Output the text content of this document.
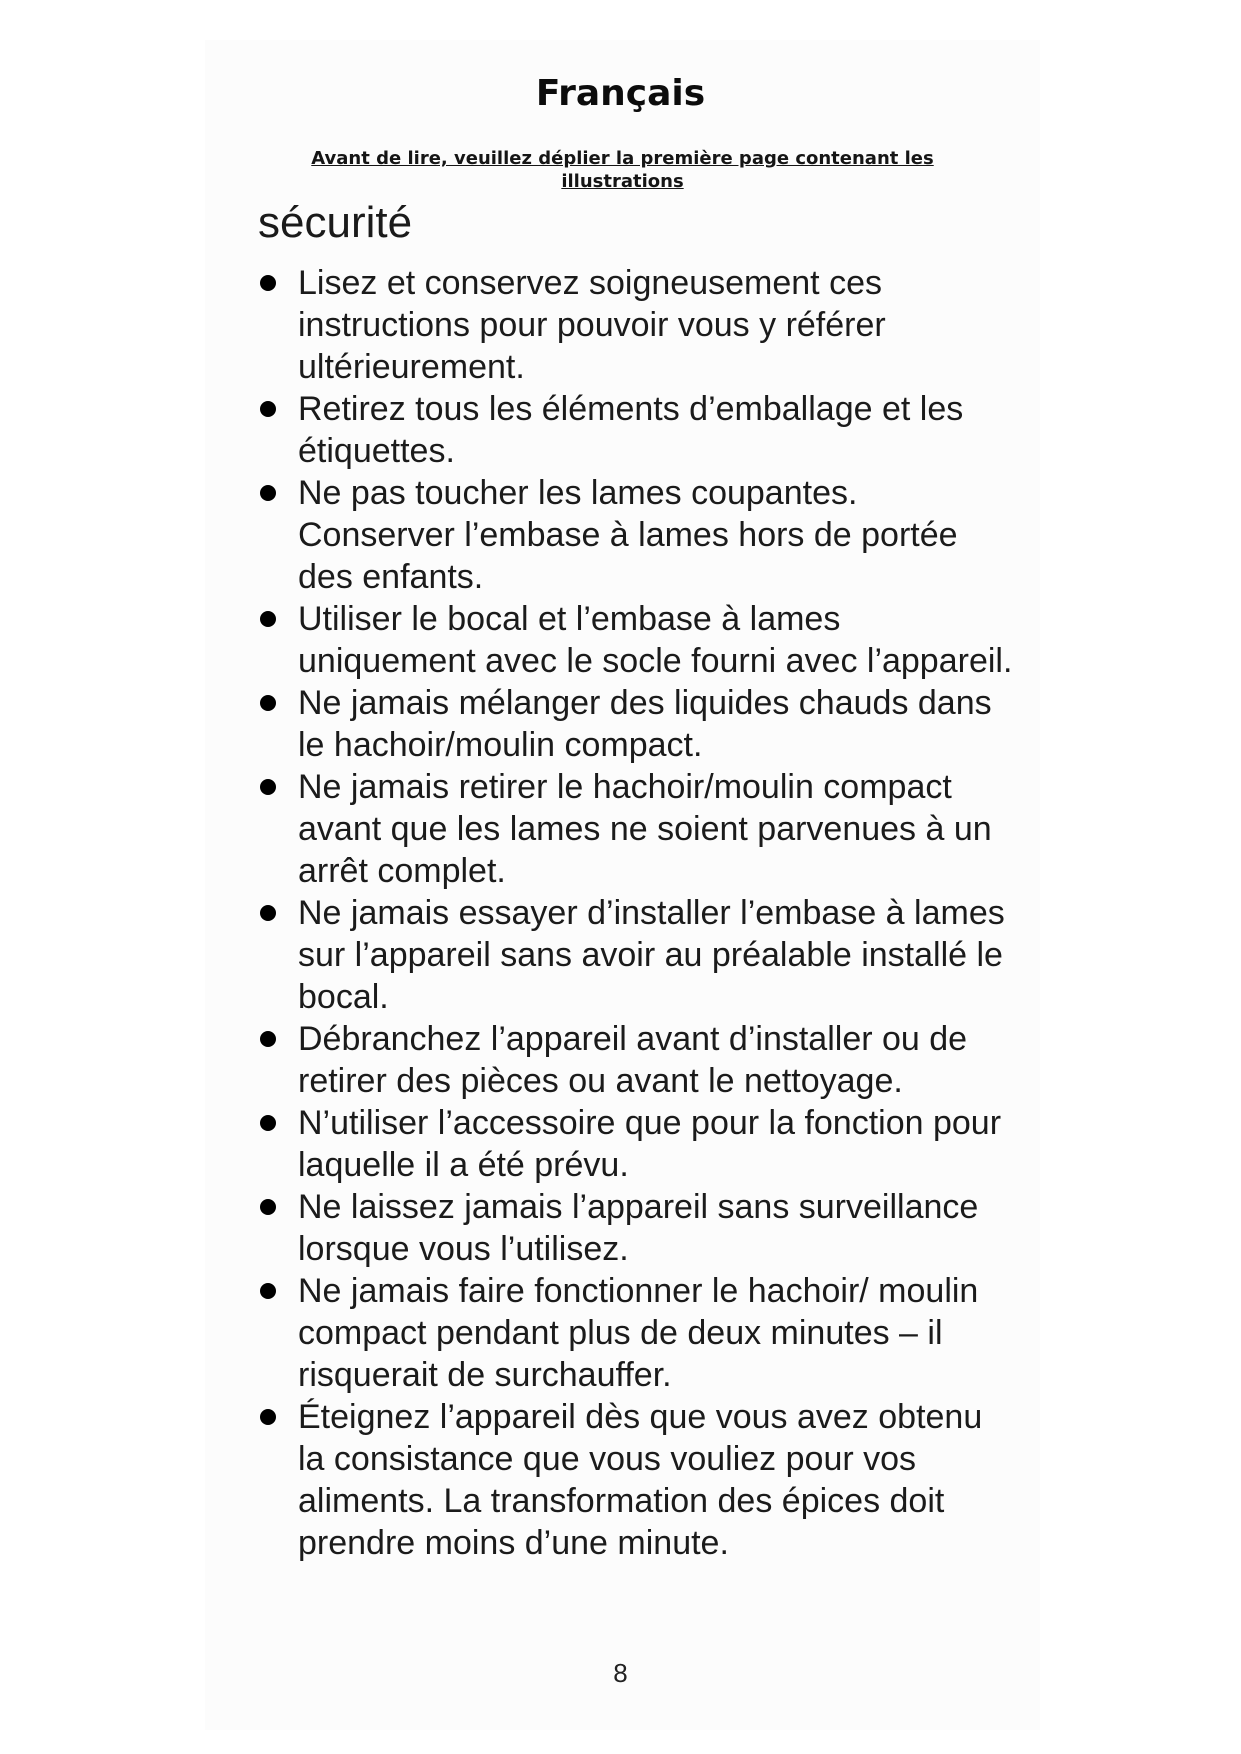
Français
Avant de lire, veuillez déplier la première page contenant les illustrations
sécurité
Lisez et conservez soigneusement ces instructions pour pouvoir vous y référer ultérieurement.
Retirez tous les éléments d’emballage et les étiquettes.
Ne pas toucher les lames coupantes. Conserver l’embase à lames hors de portée des enfants.
Utiliser le bocal et l’embase à lames uniquement avec le socle fourni avec l’appareil.
Ne jamais mélanger des liquides chauds dans le hachoir/moulin compact.
Ne jamais retirer le hachoir/moulin compact avant que les lames ne soient parvenues à un arrêt complet.
Ne jamais essayer d’installer l’embase à lames sur l’appareil sans avoir au préalable installé le bocal.
Débranchez l’appareil avant d’installer ou de retirer des pièces ou avant le nettoyage.
N’utiliser l’accessoire que pour la fonction pour laquelle il a été prévu.
Ne laissez jamais l’appareil sans surveillance lorsque vous l’utilisez.
Ne jamais faire fonctionner le hachoir/ moulin compact pendant plus de deux minutes – il risquerait de surchauffer.
Éteignez l’appareil dès que vous avez obtenu la consistance que vous vouliez pour vos aliments. La transformation des épices doit prendre moins d’une minute.
8
